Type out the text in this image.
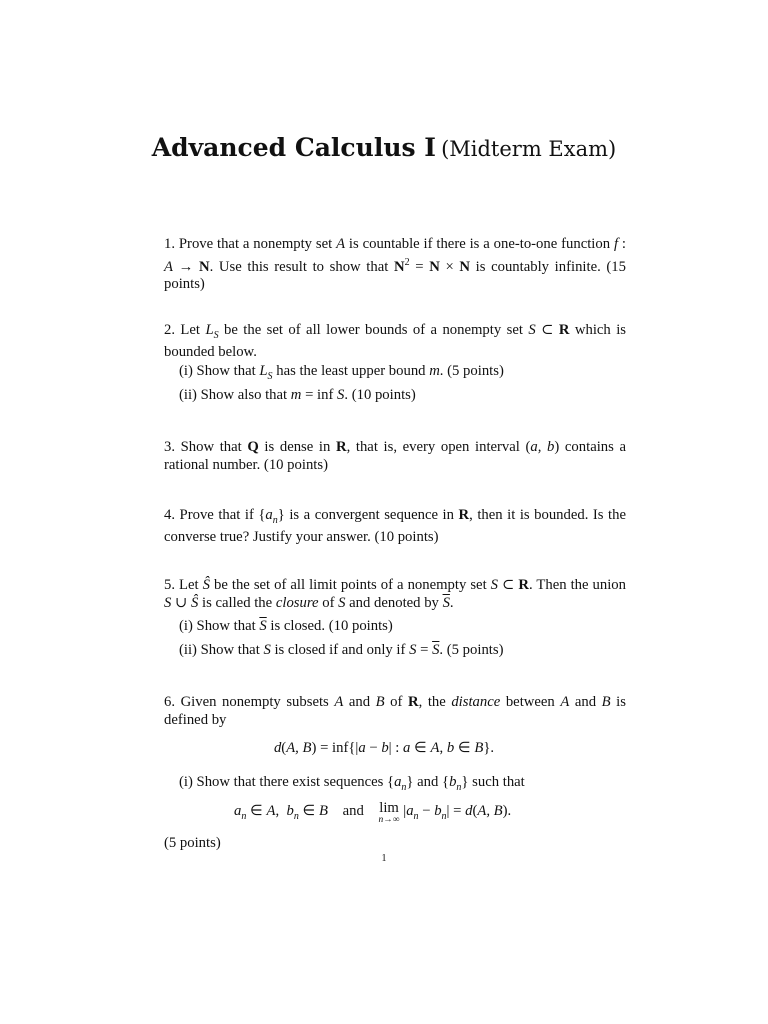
Advanced Calculus I (Midterm Exam)

1. Prove that a nonempty set A is countable if there is a one-to-one function f : A → N. Use this result to show that $N^2 = N \times N$ is countably infinite. (15 points)

2. Let $L_S$ be the set of all lower bounds of a nonempty set S ⊂ R which is bounded below.

(i) Show that $L_S$ has the least upper bound m. (5 points)
(ii) Show also that m = inf S. (10 points)

3. Show that Q is dense in R, that is, every open interval (a, b) contains a rational number. (10 points)

4. Prove that if $\{a_n\}$ is a convergent sequence in R, then it is bounded. Is the converse true? Justify your answer. (10 points)

5. Let Ŝ be the set of all limit points of a nonempty set S ⊂ R. Then the union S ∪ Ŝ is called the closure of S and denoted by $\overline{S}$.

(i) Show that $\overline{S}$ is closed. (10 points)
(ii) Show that S is closed if and only if $S = \overline{S}$. (5 points)

6. Given nonempty subsets A and B of R, the distance between A and B is defined by

d(A, B) = inf{|a − b| : a ∈ A, b ∈ B}.
(i) Show that there exist sequences $\{a_n\}$ and $\{b_n\}$ such that
$a_n$ ∈ A,  $b_n$ ∈ B    and    lim
n→∞
$|a_n - b_n| = d(A$, B).
(5 points)
1
